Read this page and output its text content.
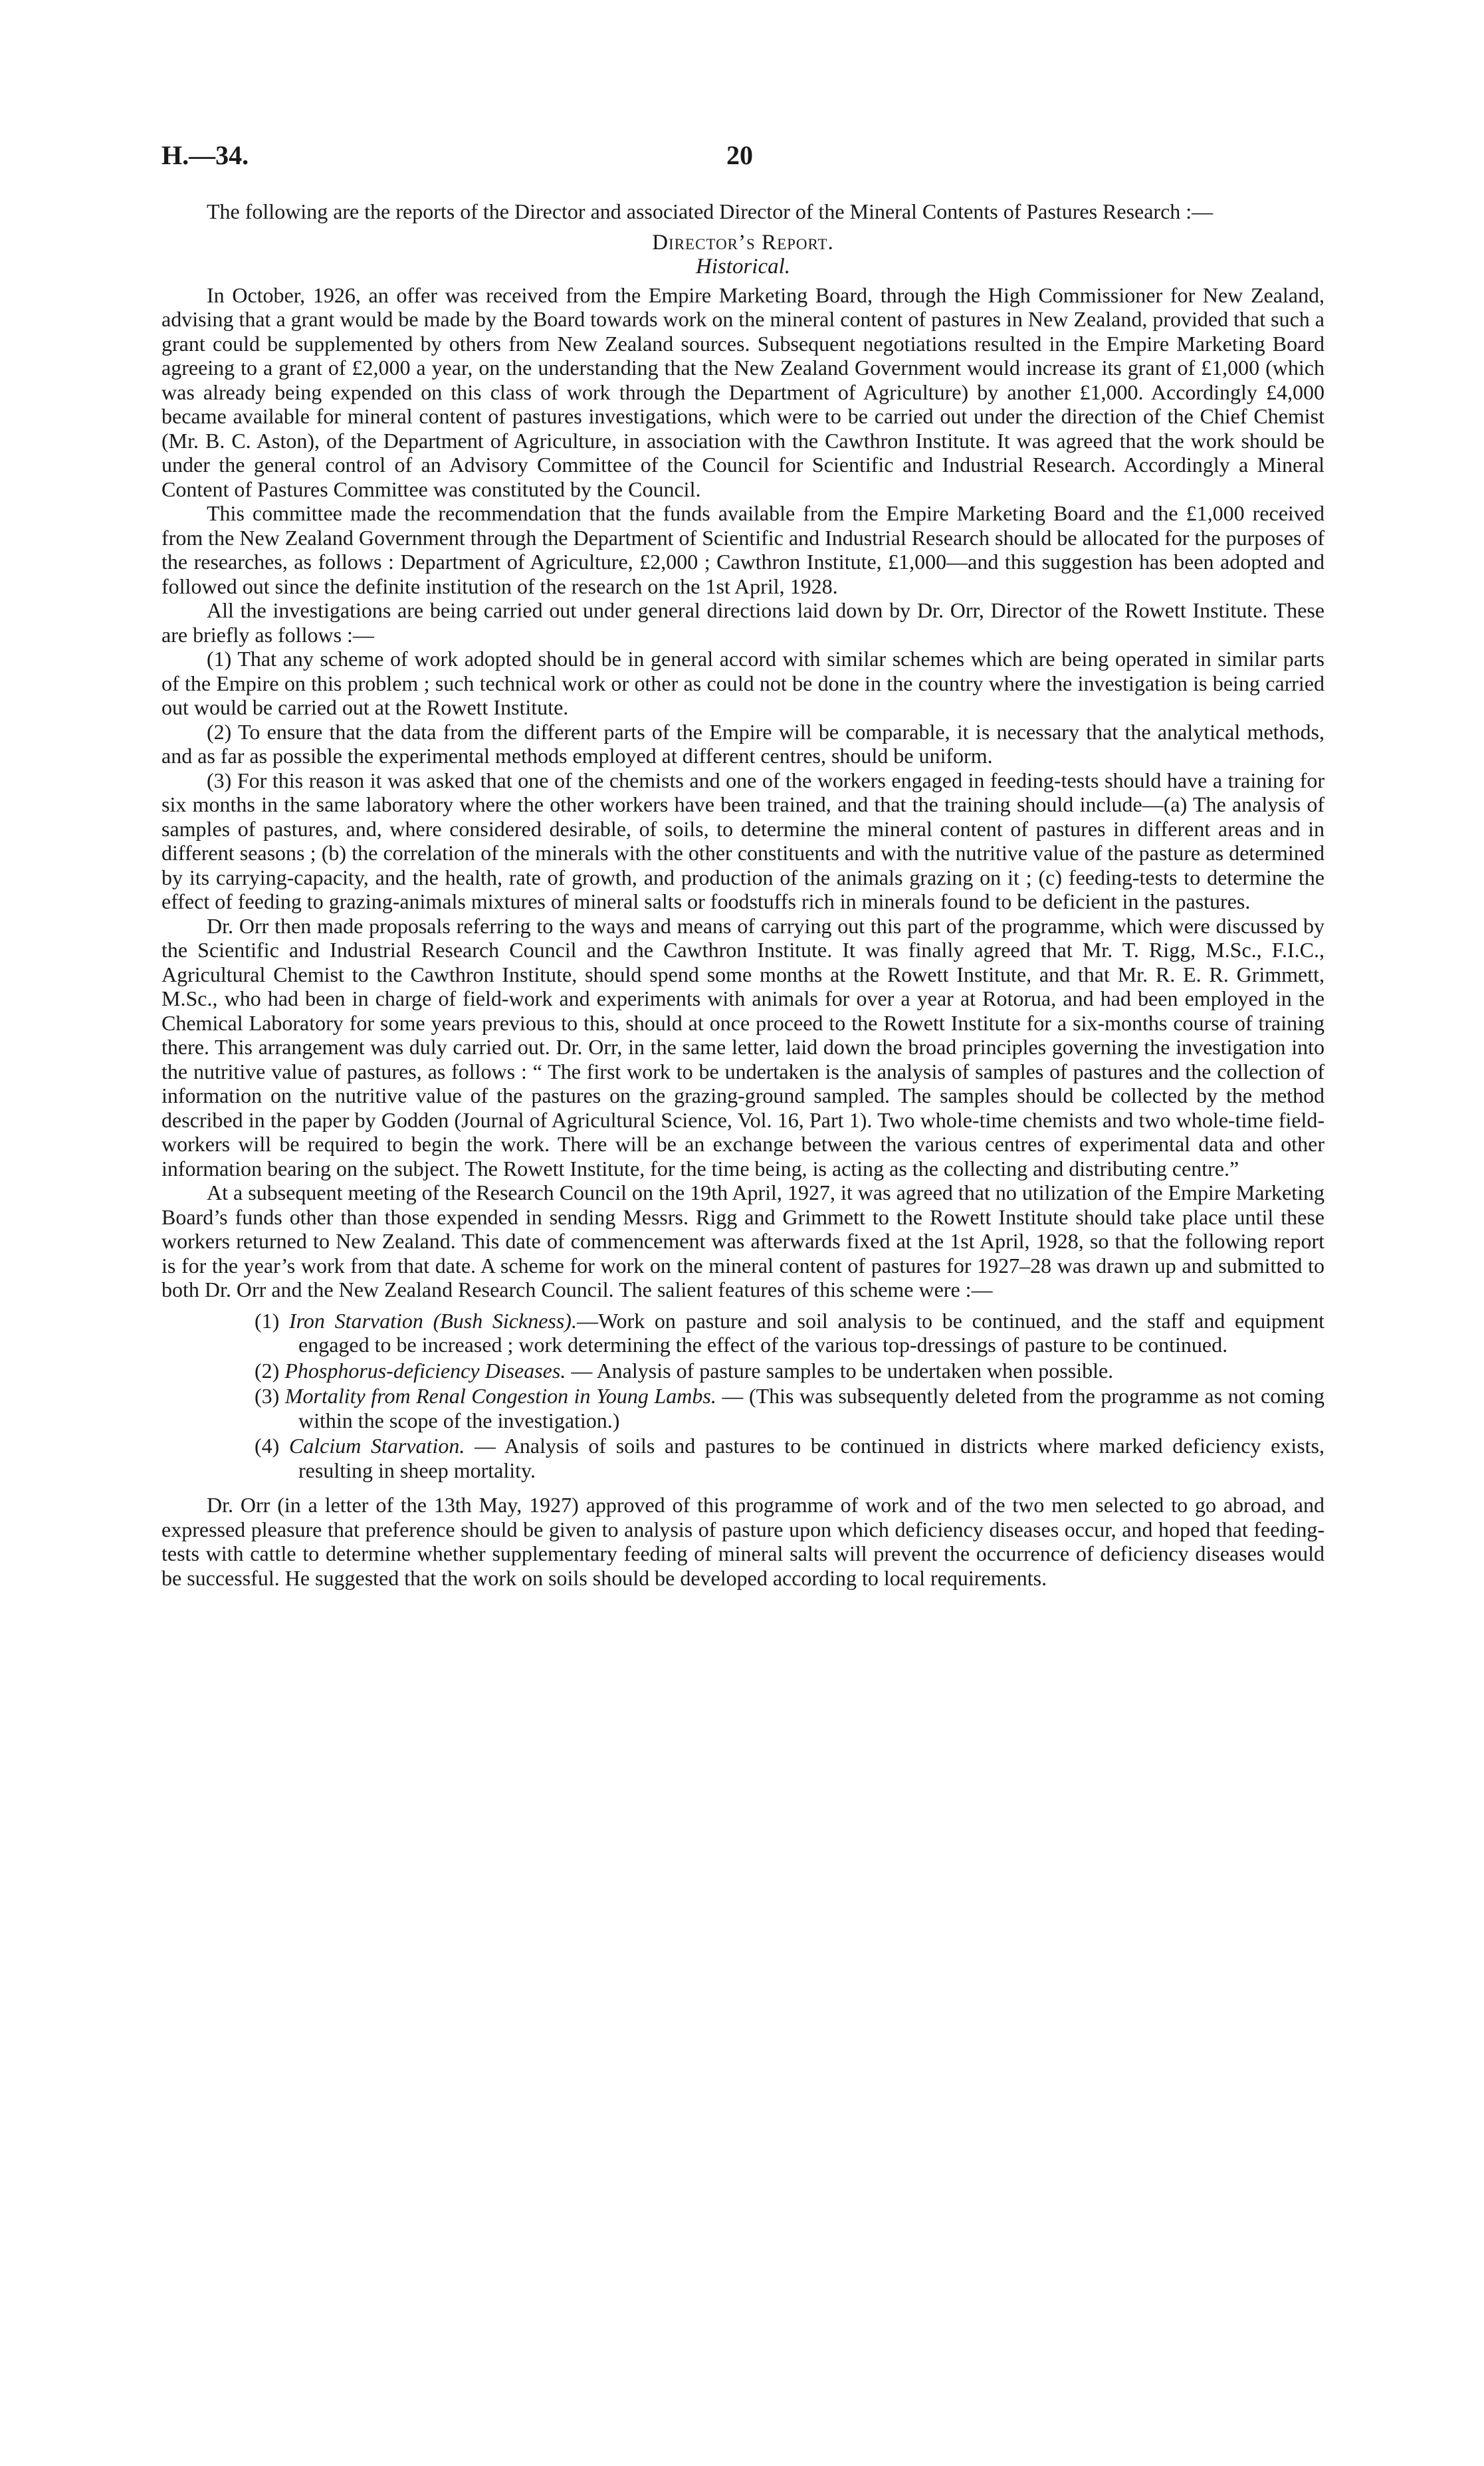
H.—34.	20

The following are the reports of the Director and associated Director of the Mineral Contents of Pastures Research :—

Director’s Report.

Historical.

In October, 1926, an offer was received from the Empire Marketing Board, through the High Commissioner for New Zealand, advising that a grant would be made by the Board towards work on the mineral content of pastures in New Zealand, provided that such a grant could be supplemented by others from New Zealand sources. Subsequent negotiations resulted in the Empire Marketing Board agreeing to a grant of £2,000 a year, on the understanding that the New Zealand Government would increase its grant of £1,000 (which was already being expended on this class of work through the Department of Agriculture) by another £1,000. Accordingly £4,000 became available for mineral content of pastures investigations, which were to be carried out under the direction of the Chief Chemist (Mr. B. C. Aston), of the Department of Agriculture, in association with the Cawthron Institute. It was agreed that the work should be under the general control of an Advisory Committee of the Council for Scientific and Industrial Research. Accordingly a Mineral Content of Pastures Committee was constituted by the Council.

This committee made the recommendation that the funds available from the Empire Marketing Board and the £1,000 received from the New Zealand Government through the Department of Scientific and Industrial Research should be allocated for the purposes of the researches, as follows : Department of Agriculture, £2,000 ; Cawthron Institute, £1,000—and this suggestion has been adopted and followed out since the definite institution of the research on the 1st April, 1928.

All the investigations are being carried out under general directions laid down by Dr. Orr, Director of the Rowett Institute. These are briefly as follows :—

(1) That any scheme of work adopted should be in general accord with similar schemes which are being operated in similar parts of the Empire on this problem ; such technical work or other as could not be done in the country where the investigation is being carried out would be carried out at the Rowett Institute.

(2) To ensure that the data from the different parts of the Empire will be comparable, it is necessary that the analytical methods, and as far as possible the experimental methods employed at different centres, should be uniform.

(3) For this reason it was asked that one of the chemists and one of the workers engaged in feeding-tests should have a training for six months in the same laboratory where the other workers have been trained, and that the training should include—(a) The analysis of samples of pastures, and, where considered desirable, of soils, to determine the mineral content of pastures in different areas and in different seasons ; (b) the correlation of the minerals with the other constituents and with the nutritive value of the pasture as determined by its carrying-capacity, and the health, rate of growth, and production of the animals grazing on it ; (c) feeding-tests to determine the effect of feeding to grazing-animals mixtures of mineral salts or foodstuffs rich in minerals found to be deficient in the pastures.

Dr. Orr then made proposals referring to the ways and means of carrying out this part of the programme, which were discussed by the Scientific and Industrial Research Council and the Cawthron Institute. It was finally agreed that Mr. T. Rigg, M.Sc., F.I.C., Agricultural Chemist to the Cawthron Institute, should spend some months at the Rowett Institute, and that Mr. R. E. R. Grimmett, M.Sc., who had been in charge of field-work and experiments with animals for over a year at Rotorua, and had been employed in the Chemical Laboratory for some years previous to this, should at once proceed to the Rowett Institute for a six-months course of training there. This arrangement was duly carried out. Dr. Orr, in the same letter, laid down the broad principles governing the investigation into the nutritive value of pastures, as follows : “ The first work to be undertaken is the analysis of samples of pastures and the collection of information on the nutritive value of the pastures on the grazing-ground sampled. The samples should be collected by the method described in the paper by Godden (Journal of Agricultural Science, Vol. 16, Part 1). Two whole-time chemists and two whole-time field-workers will be required to begin the work. There will be an exchange between the various centres of experimental data and other information bearing on the subject. The Rowett Institute, for the time being, is acting as the collecting and distributing centre.”

At a subsequent meeting of the Research Council on the 19th April, 1927, it was agreed that no utilization of the Empire Marketing Board’s funds other than those expended in sending Messrs. Rigg and Grimmett to the Rowett Institute should take place until these workers returned to New Zealand. This date of commencement was afterwards fixed at the 1st April, 1928, so that the following report is for the year’s work from that date. A scheme for work on the mineral content of pastures for 1927–28 was drawn up and submitted to both Dr. Orr and the New Zealand Research Council. The salient features of this scheme were :—

(1) Iron Starvation (Bush Sickness).—Work on pasture and soil analysis to be continued, and the staff and equipment engaged to be increased ; work determining the effect of the various top-dressings of pasture to be continued.
(2) Phosphorus-deficiency Diseases. — Analysis of pasture samples to be undertaken when possible.
(3) Mortality from Renal Congestion in Young Lambs. — (This was subsequently deleted from the programme as not coming within the scope of the investigation.)
(4) Calcium Starvation. — Analysis of soils and pastures to be continued in districts where marked deficiency exists, resulting in sheep mortality.

Dr. Orr (in a letter of the 13th May, 1927) approved of this programme of work and of the two men selected to go abroad, and expressed pleasure that preference should be given to analysis of pasture upon which deficiency diseases occur, and hoped that feeding-tests with cattle to determine whether supplementary feeding of mineral salts will prevent the occurrence of deficiency diseases would be successful. He suggested that the work on soils should be developed according to local requirements.
